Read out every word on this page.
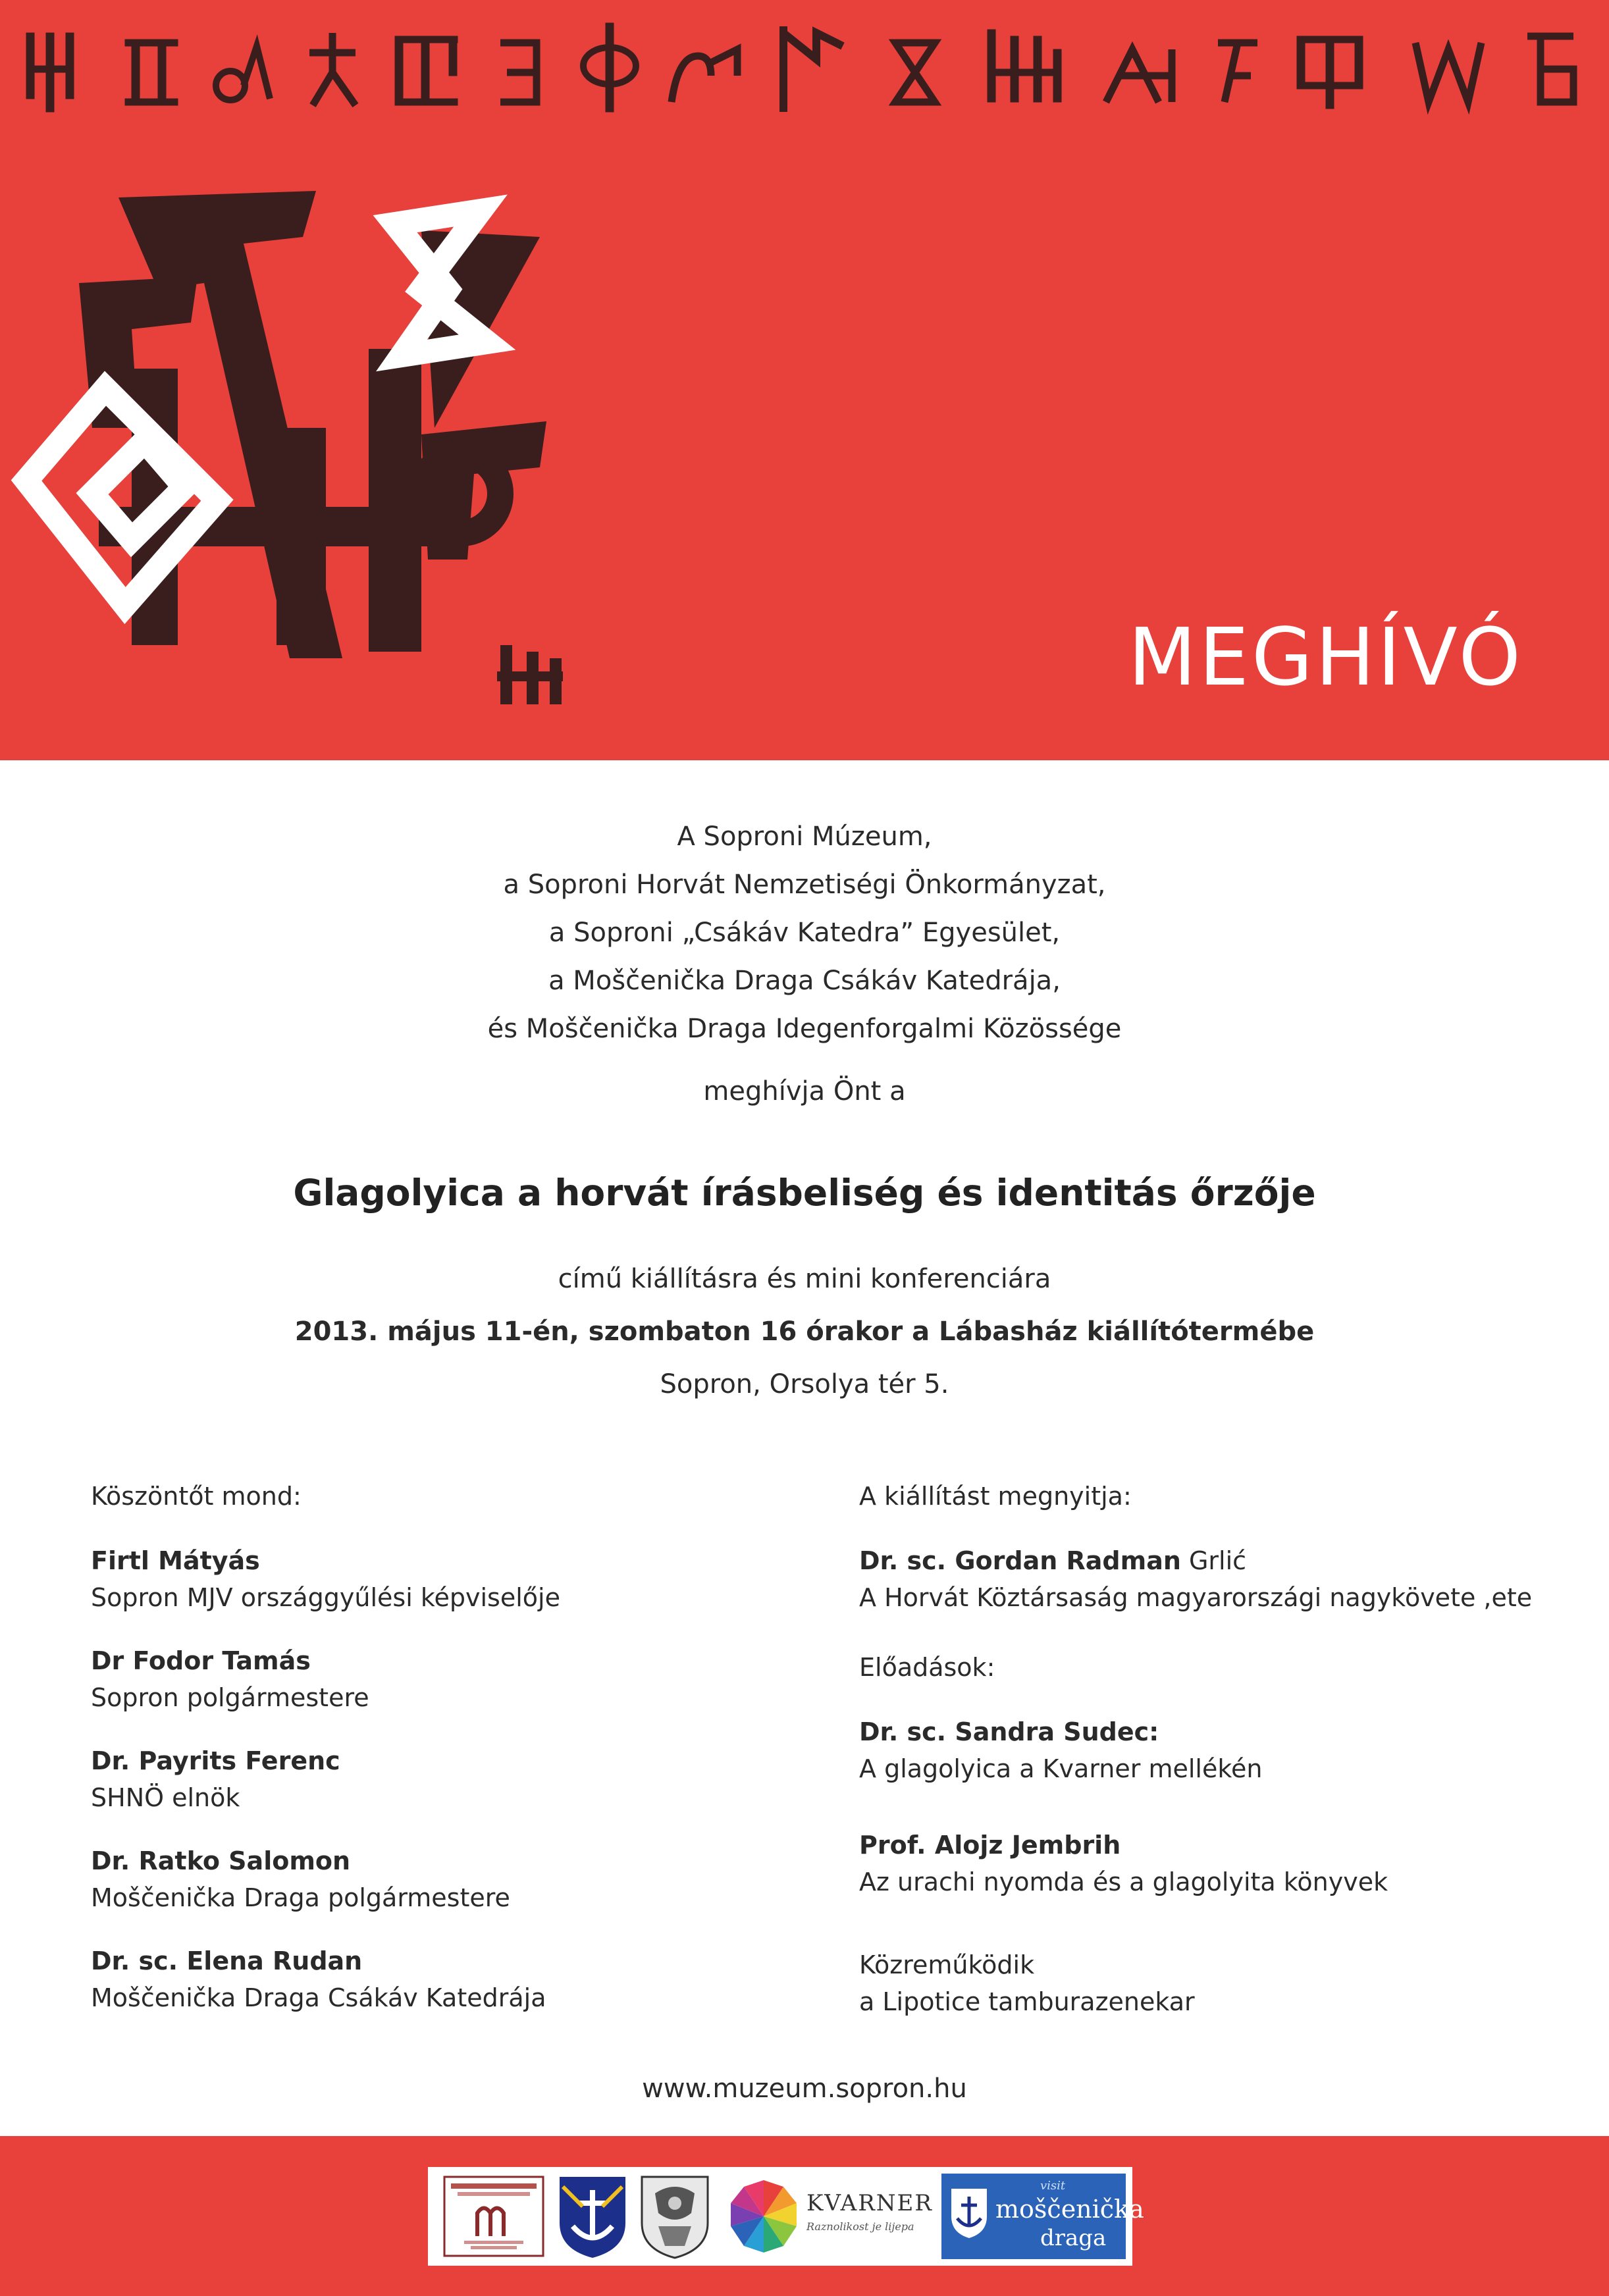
MEGHÍVÓ
A Soproni Múzeum,
a Soproni Horvát Nemzetiségi Önkormányzat,
a Soproni „Csákáv Katedra” Egyesület,
a Moščenička Draga Csákáv Katedrája,
és Moščenička Draga Idegenforgalmi Közössége
meghívja Önt a
Glagolyica a horvát írásbeliség és identitás őrzője
című kiállításra és mini konferenciára
2013. május 11-én, szombaton 16 órakor a Lábasház kiállítótermébe
Sopron, Orsolya tér 5.
Köszöntőt mond:
Firtl Mátyás
Sopron MJV országgyűlési képviselője
Dr Fodor Tamás
Sopron polgármestere
Dr. Payrits Ferenc
SHNÖ elnök
Dr. Ratko Salomon
Moščenička Draga polgármestere
Dr. sc. Elena Rudan
Moščenička Draga Csákáv Katedrája
A kiállítást megnyitja:
Dr. sc. Gordan Radman Grlić
A Horvát Köztársaság magyarországi nagykövete ,ete
Előadások:
Dr. sc. Sandra Sudec:
A glagolyica a Kvarner mellékén
Prof. Alojz Jembrih
Az urachi nyomda és a glagolyita könyvek
Közreműködik
a Lipotice tamburazenekar
www.muzeum.sopron.hu
KVARNER
Raznolikost je lijepa
visit
moščenička
draga
